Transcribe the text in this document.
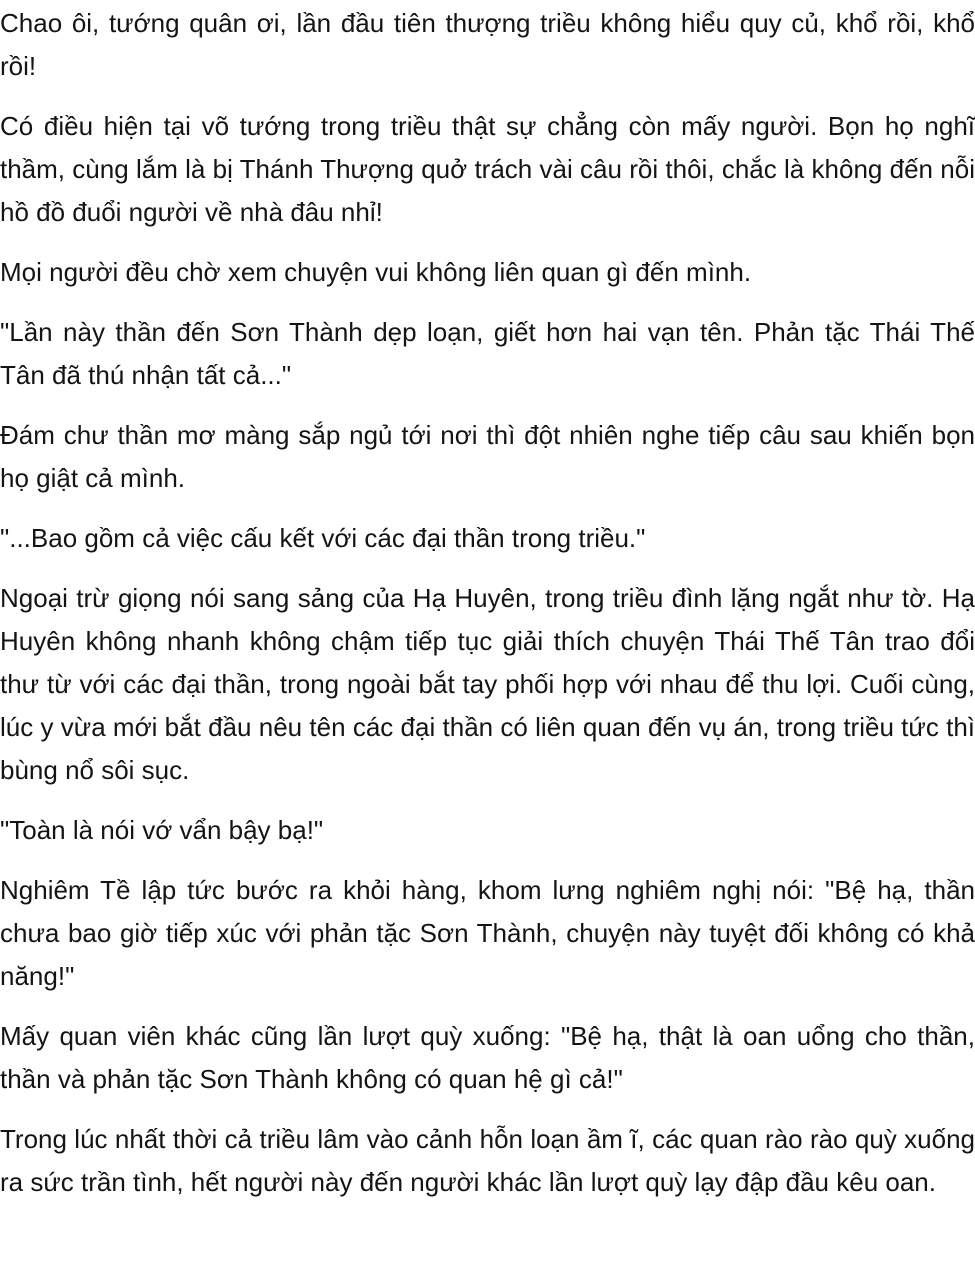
Chao ôi, tướng quân ơi, lần đầu tiên thượng triều không hiểu quy củ, khổ rồi, khổ rồi!

Có điều hiện tại võ tướng trong triều thật sự chẳng còn mấy người. Bọn họ nghĩ thầm, cùng lắm là bị Thánh Thượng quở trách vài câu rồi thôi, chắc là không đến nỗi hồ đồ đuổi người về nhà đâu nhỉ!

Mọi người đều chờ xem chuyện vui không liên quan gì đến mình.

"Lần này thần đến Sơn Thành dẹp loạn, giết hơn hai vạn tên. Phản tặc Thái Thế Tân đã thú nhận tất cả..."

Đám chư thần mơ màng sắp ngủ tới nơi thì đột nhiên nghe tiếp câu sau khiến bọn họ giật cả mình.

"...Bao gồm cả việc cấu kết với các đại thần trong triều."

Ngoại trừ giọng nói sang sảng của Hạ Huyên, trong triều đình lặng ngắt như tờ. Hạ Huyên không nhanh không chậm tiếp tục giải thích chuyện Thái Thế Tân trao đổi thư từ với các đại thần, trong ngoài bắt tay phối hợp với nhau để thu lợi. Cuối cùng, lúc y vừa mới bắt đầu nêu tên các đại thần có liên quan đến vụ án, trong triều tức thì bùng nổ sôi sục.

"Toàn là nói vớ vẩn bậy bạ!"

Nghiêm Tề lập tức bước ra khỏi hàng, khom lưng nghiêm nghị nói: "Bệ hạ, thần chưa bao giờ tiếp xúc với phản tặc Sơn Thành, chuyện này tuyệt đối không có khả năng!"

Mấy quan viên khác cũng lần lượt quỳ xuống: "Bệ hạ, thật là oan uổng cho thần, thần và phản tặc Sơn Thành không có quan hệ gì cả!"

Trong lúc nhất thời cả triều lâm vào cảnh hỗn loạn ầm ĩ, các quan rào rào quỳ xuống ra sức trần tình, hết người này đến người khác lần lượt quỳ lạy đập đầu kêu oan.
